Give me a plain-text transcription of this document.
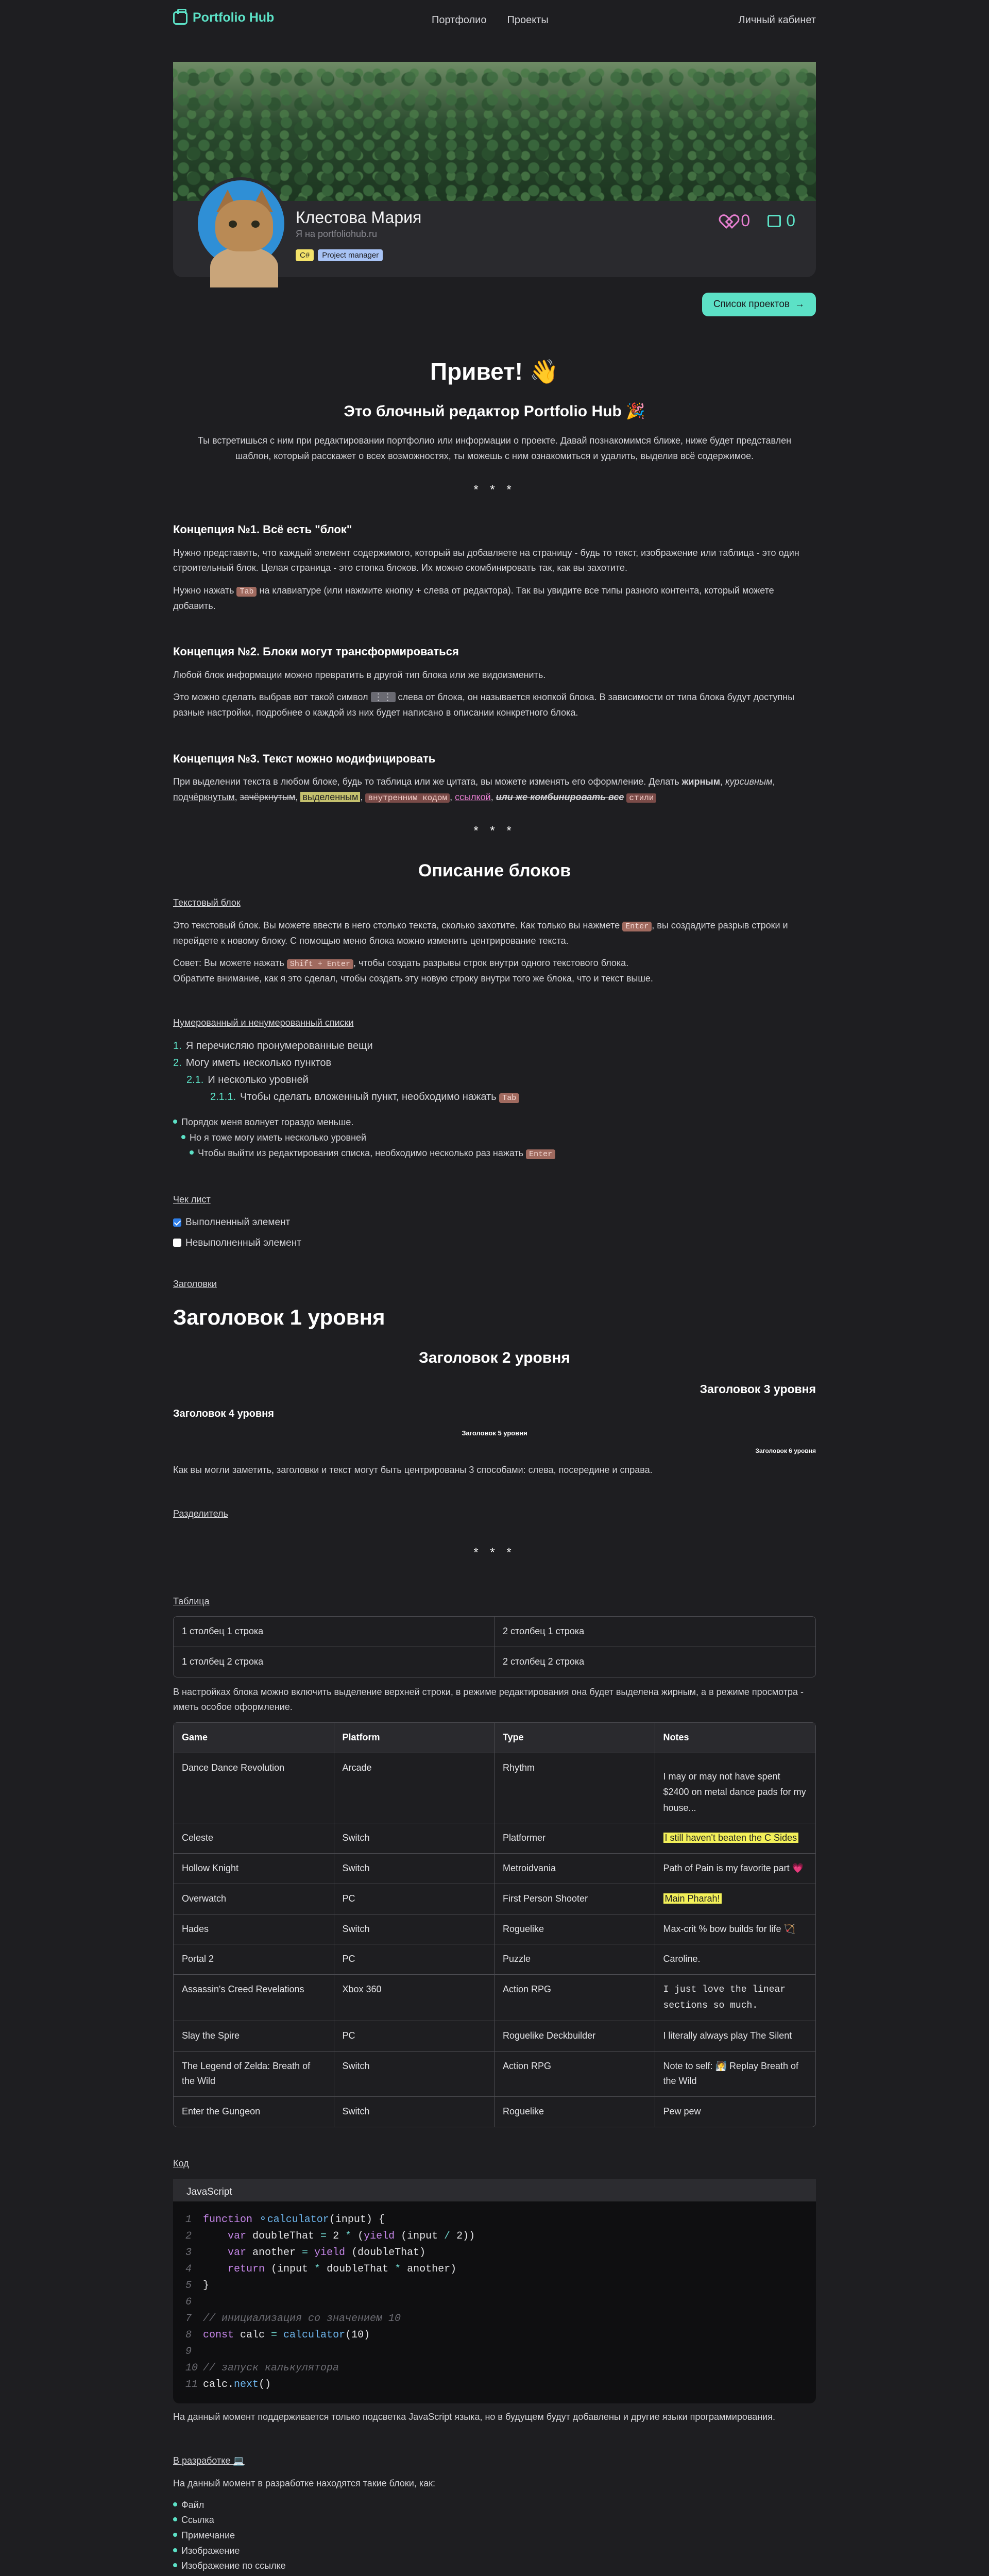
Portfolio Hub	Портфолио Проекты	Личный кабинет
Клестова Мария
Я на portfoliohub.ru
C#	Project manager
0 0
Список проектов →
Привет! 👋
Это блочный редактор Portfolio Hub 🎉

Ты встретишься с ним при редактировании портфолио или информации о проекте. Давай познакомимся ближе, ниже будет представлен шаблон, который расскажет о всех возможностях, ты можешь с ним ознакомиться и удалить, выделив всё содержимое.

* * *
Концепция №1. Всё есть "блок"

Нужно представить, что каждый элемент содержимого, который вы добавляете на страницу - будь то текст, изображение или таблица - это один строительный блок. Целая страница - это стопка блоков. Их можно скомбинировать так, как вы захотите.

Нужно нажать Tab на клавиатуре (или нажмите кнопку + слева от редактора). Так вы увидите все типы разного контента, который можете добавить.

Концепция №2. Блоки могут трансформироваться

Любой блок информации можно превратить в другой тип блока или же видоизменить.

Это можно сделать выбрав вот такой символ ⋮⋮ слева от блока, он называется кнопкой блока. В зависимости от типа блока будут доступны разные настройки, подробнее о каждой из них будет написано в описании конкретного блока.

Концепция №3. Текст можно модифицировать

При выделении текста в любом блоке, будь то таблица или же цитата, вы можете изменять его оформление. Делать жирным, курсивным, подчёркнутым, зачёркнутым, выделенным , внутренним кодом , ссылкой, или же комбинировать все стили

* * *
Описание блоков
Текстовый блок

Это текстовый блок. Вы можете ввести в него столько текста, сколько захотите. Как только вы нажмете Enter , вы создадите разрыв строки и перейдете к новому блоку. С помощью меню блока можно изменить центрирование текста.

Совет: Вы можете нажать Shift + Enter , чтобы создать разрывы строк внутри одного текстового блока.

Обратите внимание, как я это сделал, чтобы создать эту новую строку внутри того же блока, что и текст выше.

Нумерованный и ненумерованный списки
1. Я перечисляю пронумерованные вещи
2. Могу иметь несколько пунктов
2.1. И несколько уровней
2.1.1. Чтобы сделать вложенный пункт, необходимо нажать Tab
Порядок меня волнует гораздо меньше.
Но я тоже могу иметь несколько уровней
Чтобы выйти из редактирования списка, необходимо несколько раз нажать Enter
Чек лист
Выполненный элемент
Невыполненный элемент
Заголовки
Заголовок 1 уровня
Заголовок 2 уровня
Заголовок 3 уровня
Заголовок 4 уровня
Заголовок 5 уровня
Заголовок 6 уровня

Как вы могли заметить, заголовки и текст могут быть центрированы 3 способами: слева, посередине и справа.

Разделитель
* * *
Таблица
1 столбец 1 строка	2 столбец 1 строка
1 столбец 2 строка	2 столбец 2 строка

В настройках блока можно включить выделение верхней строки, в режиме редактирования она будет выделена жирным, а в режиме просмотра - иметь особое оформление.

Game	Platform	Type	Notes
Dance Dance Revolution	Arcade	Rhythm	I may or may not have spent $2400 on metal dance pads for my house...
Celeste	Switch	Platformer	I still haven't beaten the C Sides
Hollow Knight	Switch	Metroidvania	Path of Pain is my favorite part 💗
Overwatch	PC	First Person Shooter	Main Pharah!
Hades	Switch	Roguelike	Max-crit % bow builds for life 🏹
Portal 2	PC	Puzzle	Caroline.
Assassin's Creed Revelations	Xbox 360	Action RPG	I just love the linear sections so much.
Slay the Spire	PC	Roguelike Deckbuilder	I literally always play The Silent
The Legend of Zelda: Breath of the Wild	Switch	Action RPG	Note to self: 🧖 Replay Breath of the Wild
Enter the Gungeon	Switch	Roguelike	Pew pew
Код
JavaScript
1	function ⚬calculator (input) {
2	var doubleThat = 2 * ( yield (input / 2))
3	var another = yield (doubleThat)
4	return (input * doubleThat * another)
5	}
6
7	// инициализация со значением 10
8	const calc = calculator (10)
9
10 // запуск калькулятора
11 calc. next ()

На данный момент поддерживается только подсветка JavaScript языка, но в будущем будут добавлены и другие языки программирования.

В разработке 💻

На данный момент в разработке находятся такие блоки, как:

Файл
Ссылка
Примечание
Изображение
Изображение по ссылке
